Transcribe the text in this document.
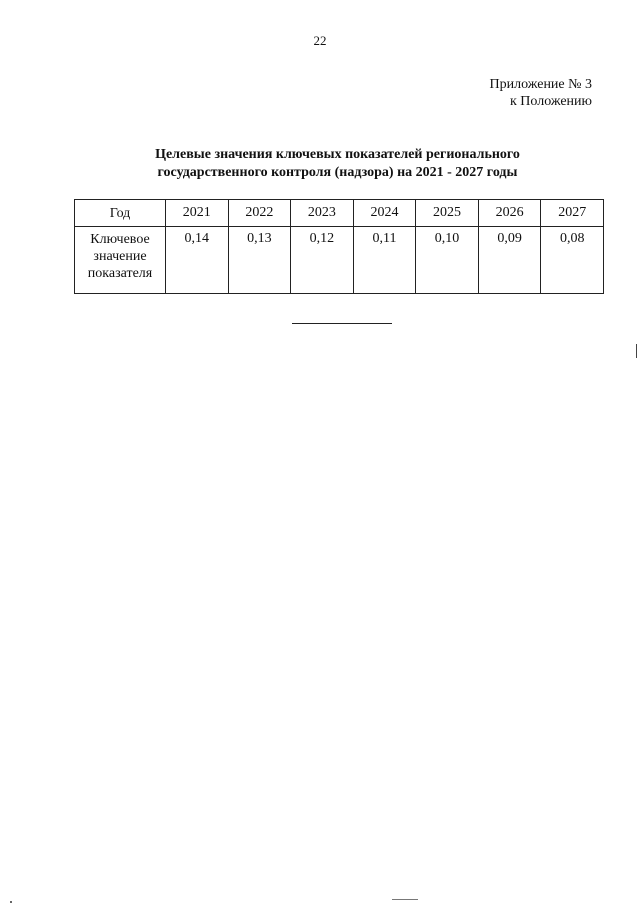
22
Приложение № 3
к Положению
Целевые значения ключевых показателей регионального
государственного контроля (надзора) на 2021 - 2027 годы
Год	2021	2022	2023	2024	2025	2026	2027

Ключевое
значение
показателя	0,14	0,13	0,12	0,11	0,10	0,09	0,08
